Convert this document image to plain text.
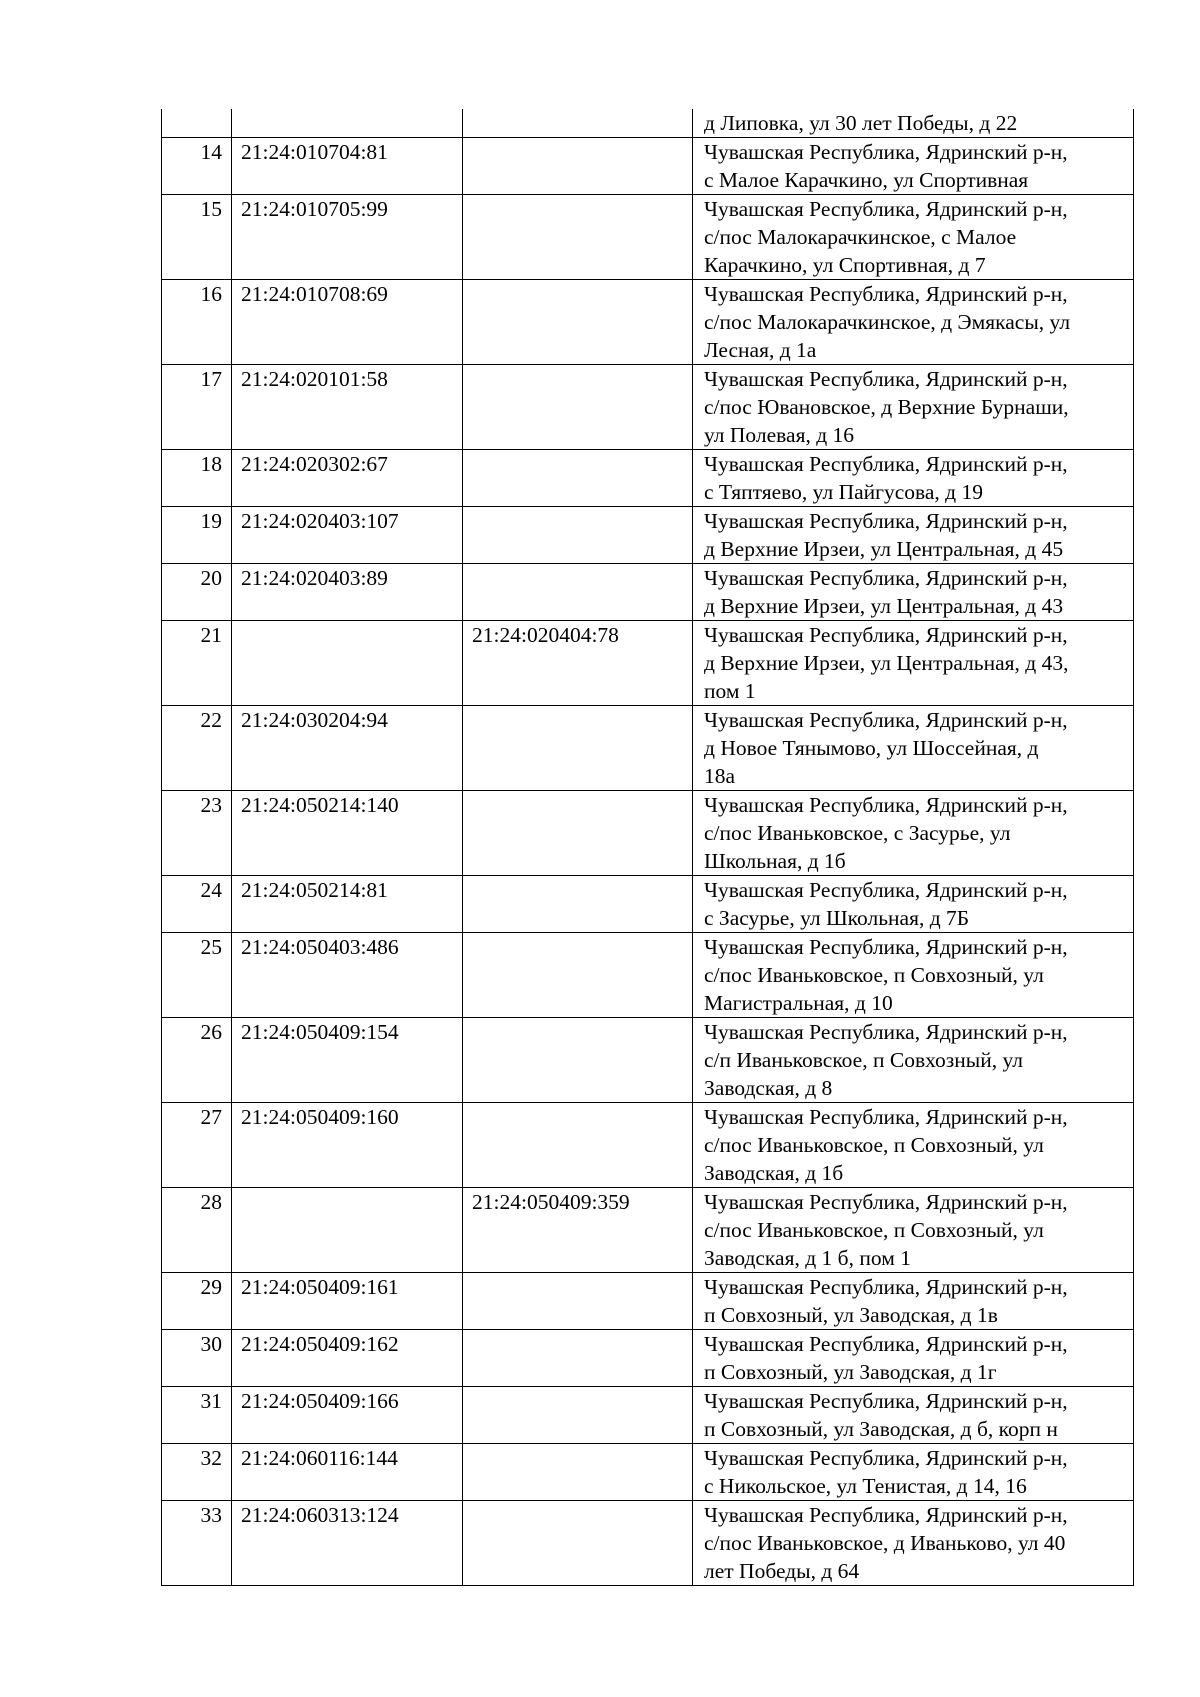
			д Липовка, ул 30 лет Победы, д 22

14	21:24:010704:81		Чувашская Республика, Ядринский р-н,
с Малое Карачкино, ул Спортивная

15	21:24:010705:99		Чувашская Республика, Ядринский р-н,
с/пос Малокарачкинское, с Малое
Карачкино, ул Спортивная, д 7

16	21:24:010708:69		Чувашская Республика, Ядринский р-н,
с/пос Малокарачкинское, д Эмякасы, ул
Лесная, д 1а

17	21:24:020101:58		Чувашская Республика, Ядринский р-н,
с/пос Ювановское, д Верхние Бурнаши,
ул Полевая, д 16

18	21:24:020302:67		Чувашская Республика, Ядринский р-н,
с Тяптяево, ул Пайгусова, д 19

19	21:24:020403:107		Чувашская Республика, Ядринский р-н,
д Верхние Ирзеи, ул Центральная, д 45

20	21:24:020403:89		Чувашская Республика, Ядринский р-н,
д Верхние Ирзеи, ул Центральная, д 43

21		21:24:020404:78	Чувашская Республика, Ядринский р-н,
д Верхние Ирзеи, ул Центральная, д 43,
пом 1

22	21:24:030204:94		Чувашская Республика, Ядринский р-н,
д Новое Тянымово, ул Шоссейная, д
18а

23	21:24:050214:140		Чувашская Республика, Ядринский р-н,
с/пос Иваньковское, с Засурье, ул
Школьная, д 1б

24	21:24:050214:81		Чувашская Республика, Ядринский р-н,
с Засурье, ул Школьная, д 7Б

25	21:24:050403:486		Чувашская Республика, Ядринский р-н,
с/пос Иваньковское, п Совхозный, ул
Магистральная, д 10

26	21:24:050409:154		Чувашская Республика, Ядринский р-н,
с/п Иваньковское, п Совхозный, ул
Заводская, д 8

27	21:24:050409:160		Чувашская Республика, Ядринский р-н,
с/пос Иваньковское, п Совхозный, ул
Заводская, д 1б

28		21:24:050409:359	Чувашская Республика, Ядринский р-н,
с/пос Иваньковское, п Совхозный, ул
Заводская, д 1 б, пом 1

29	21:24:050409:161		Чувашская Республика, Ядринский р-н,
п Совхозный, ул Заводская, д 1в

30	21:24:050409:162		Чувашская Республика, Ядринский р-н,
п Совхозный, ул Заводская, д 1г

31	21:24:050409:166		Чувашская Республика, Ядринский р-н,
п Совхозный, ул Заводская, д б, корп н

32	21:24:060116:144		Чувашская Республика, Ядринский р-н,
с Никольское, ул Тенистая, д 14, 16

33	21:24:060313:124		Чувашская Республика, Ядринский р-н,
с/пос Иваньковское, д Иваньково, ул 40
лет Победы, д 64
